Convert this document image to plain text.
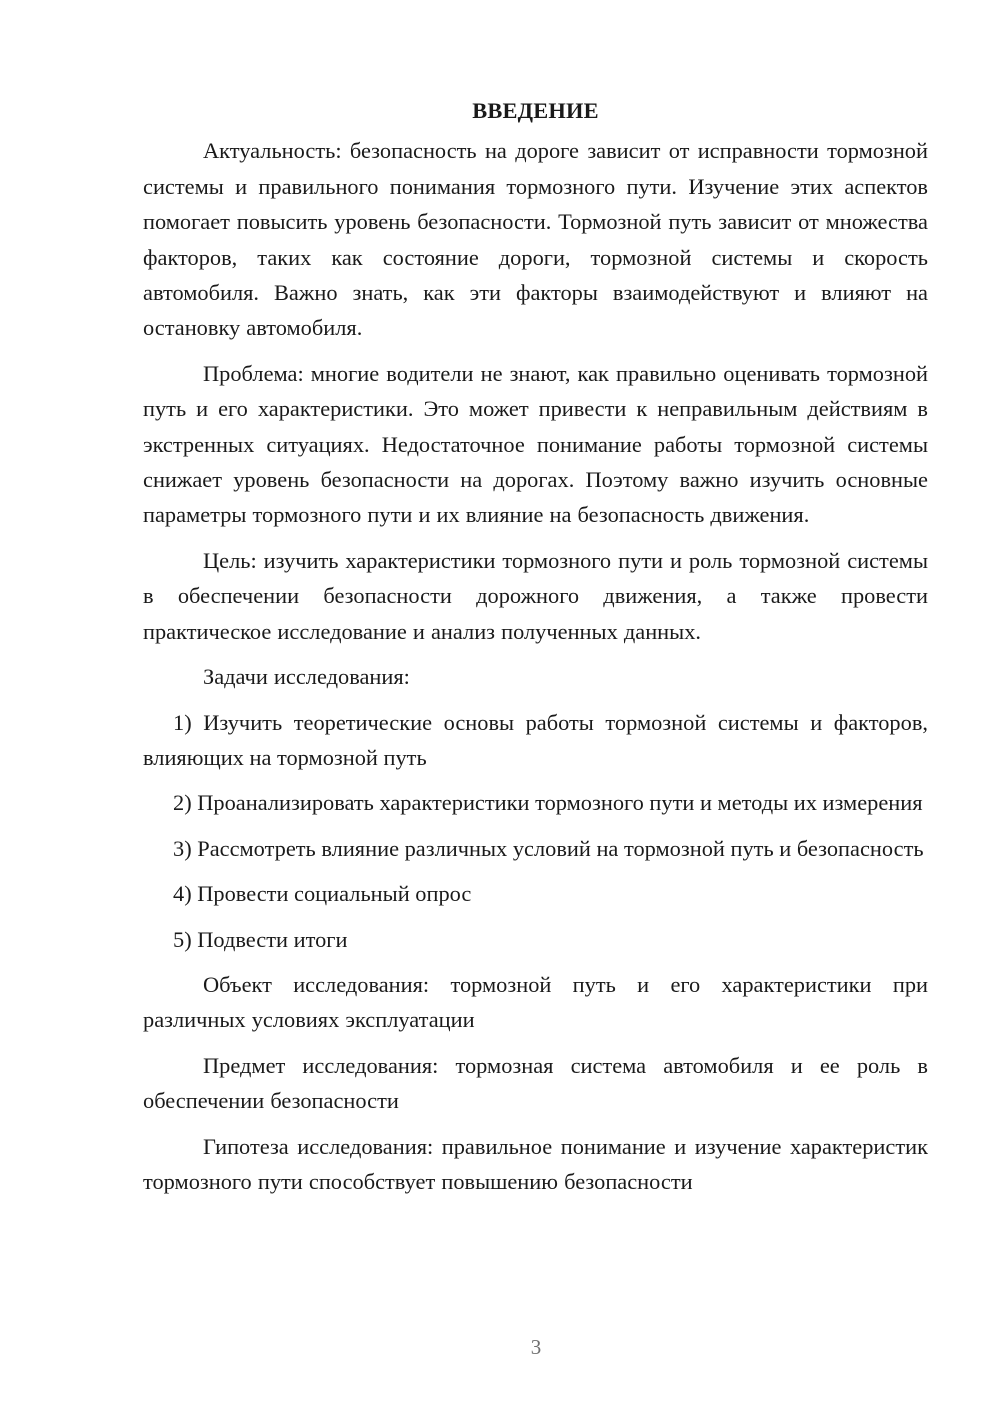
ВВЕДЕНИЕ

Актуальность: безопасность на дороге зависит от исправности тормозной системы и правильного понимания тормозного пути. Изучение этих аспектов помогает повысить уровень безопасности. Тормозной путь зависит от множества факторов, таких как состояние дороги, тормозной системы и скорость автомобиля. Важно знать, как эти факторы взаимодействуют и влияют на остановку автомобиля.

Проблема: многие водители не знают, как правильно оценивать тормозной путь и его характеристики. Это может привести к неправильным действиям в экстренных ситуациях. Недостаточное понимание работы тормозной системы снижает уровень безопасности на дорогах. Поэтому важно изучить основные параметры тормозного пути и их влияние на безопасность движения.

Цель: изучить характеристики тормозного пути и роль тормозной системы в обеспечении безопасности дорожного движения, а также провести практическое исследование и анализ полученных данных.

Задачи исследования:

1) Изучить теоретические основы работы тормозной системы и факторов, влияющих на тормозной путь

2) Проанализировать характеристики тормозного пути и методы их измерения

3) Рассмотреть влияние различных условий на тормозной путь и безопасность

4) Провести социальный опрос

5) Подвести итоги

Объект исследования: тормозной путь и его характеристики при различных условиях эксплуатации

Предмет исследования: тормозная система автомобиля и ее роль в обеспечении безопасности

Гипотеза исследования: правильное понимание и изучение характеристик тормозного пути способствует повышению безопасности

3
